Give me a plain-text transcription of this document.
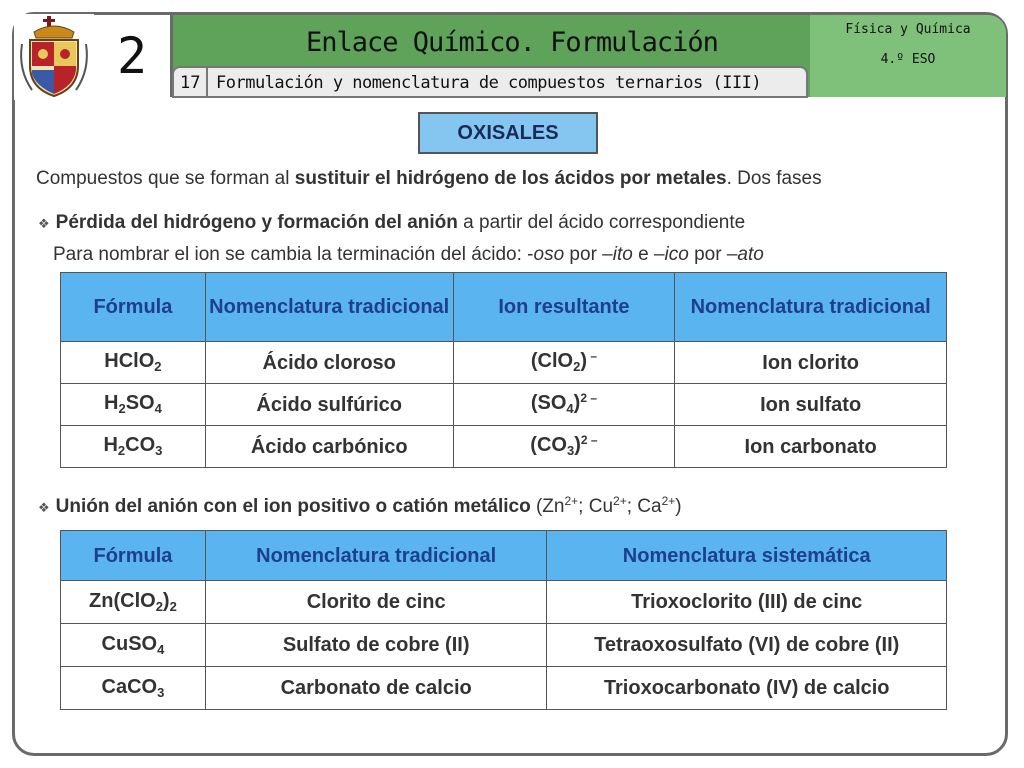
2	Enlace Químico. Formulación
17 Formulación y nomenclatura de compuestos ternarios (III)
Física y Química
4.º ESO
OXISALES
Compuestos que se forman al sustituir el hidrógeno de los ácidos por metales. Dos fases
❖ Pérdida del hidrógeno y formación del anión a partir del ácido correspondiente
Para nombrar el ion se cambia la terminación del ácido: -oso por –ito e –ico por –ato
Fórmula	Nomenclatura tradicional	Ion resultante	Nomenclatura tradicional
HClO$_2$	Ácido cloroso	(ClO$_2$) –	Ion clorito
$H_2SO_4$	Ácido sulfúrico	$(SO_4)^{2 -}$	Ion sulfato
$H_2CO_3$	Ácido carbónico	$(CO_3)^{2 -}$	Ion carbonato
❖ Unión del anión con el ion positivo o catión metálico ($Zn^{2+}$; $Cu^{2+}$; $Ca^{2+}$)
Fórmula	Nomenclatura tradicional	Nomenclatura sistemática
$Zn(ClO_2)_2$	Clorito de cinc	Trioxoclorito (III) de cinc
CuSO$_4$	Sulfato de cobre (II)	Tetraoxosulfato (VI) de cobre (II)
CaCO$_3$	Carbonato de calcio	Trioxocarbonato (IV) de calcio
